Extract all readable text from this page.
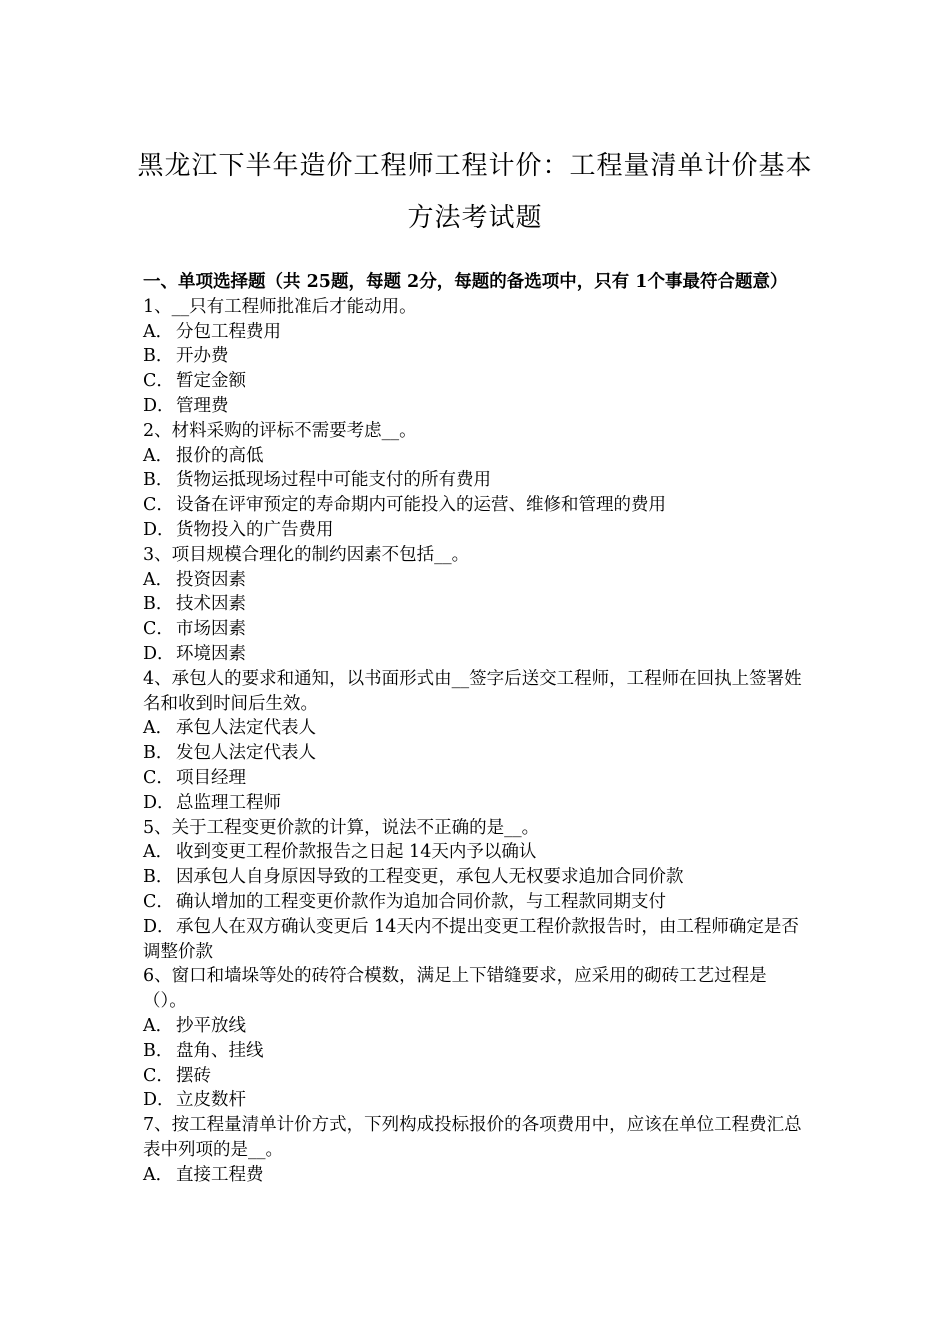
黑龙江下半年造价工程师工程计价：工程量清单计价基本
方法考试题
一、单项选择题（共 25题，每题 2分，每题的备选项中，只有 1个事最符合题意）
1、__只有工程师批准后才能动用。
A． 分包工程费用
B． 开办费
C． 暂定金额
D．管理费
2、材料采购的评标不需要考虑__。
A． 报价的高低
B． 货物运抵现场过程中可能支付的所有费用
C． 设备在评审预定的寿命期内可能投入的运营、维修和管理的费用
D．货物投入的广告费用
3、项目规模合理化的制约因素不包括__。
A． 投资因素
B． 技术因素
C． 市场因素
D．环境因素
4、承包人的要求和通知，以书面形式由__签字后送交工程师，工程师在回执上签署姓名和收到时间后生效。
A． 承包人法定代表人
B． 发包人法定代表人
C． 项目经理
D．总监理工程师
5、关于工程变更价款的计算，说法不正确的是__。
A． 收到变更工程价款报告之日起 14天内予以确认
B． 因承包人自身原因导致的工程变更，承包人无权要求追加合同价款
C． 确认增加的工程变更价款作为追加合同价款，与工程款同期支付
D．承包人在双方确认变更后 14天内不提出变更工程价款报告时，由工程师确定是否调整价款
6、窗口和墙垛等处的砖符合模数，满足上下错缝要求，应采用的砌砖工艺过程是（）。
A． 抄平放线
B． 盘角、挂线
C． 摆砖
D．立皮数杆
7、按工程量清单计价方式，下列构成投标报价的各项费用中，应该在单位工程费汇总表中列项的是__。
A． 直接工程费
